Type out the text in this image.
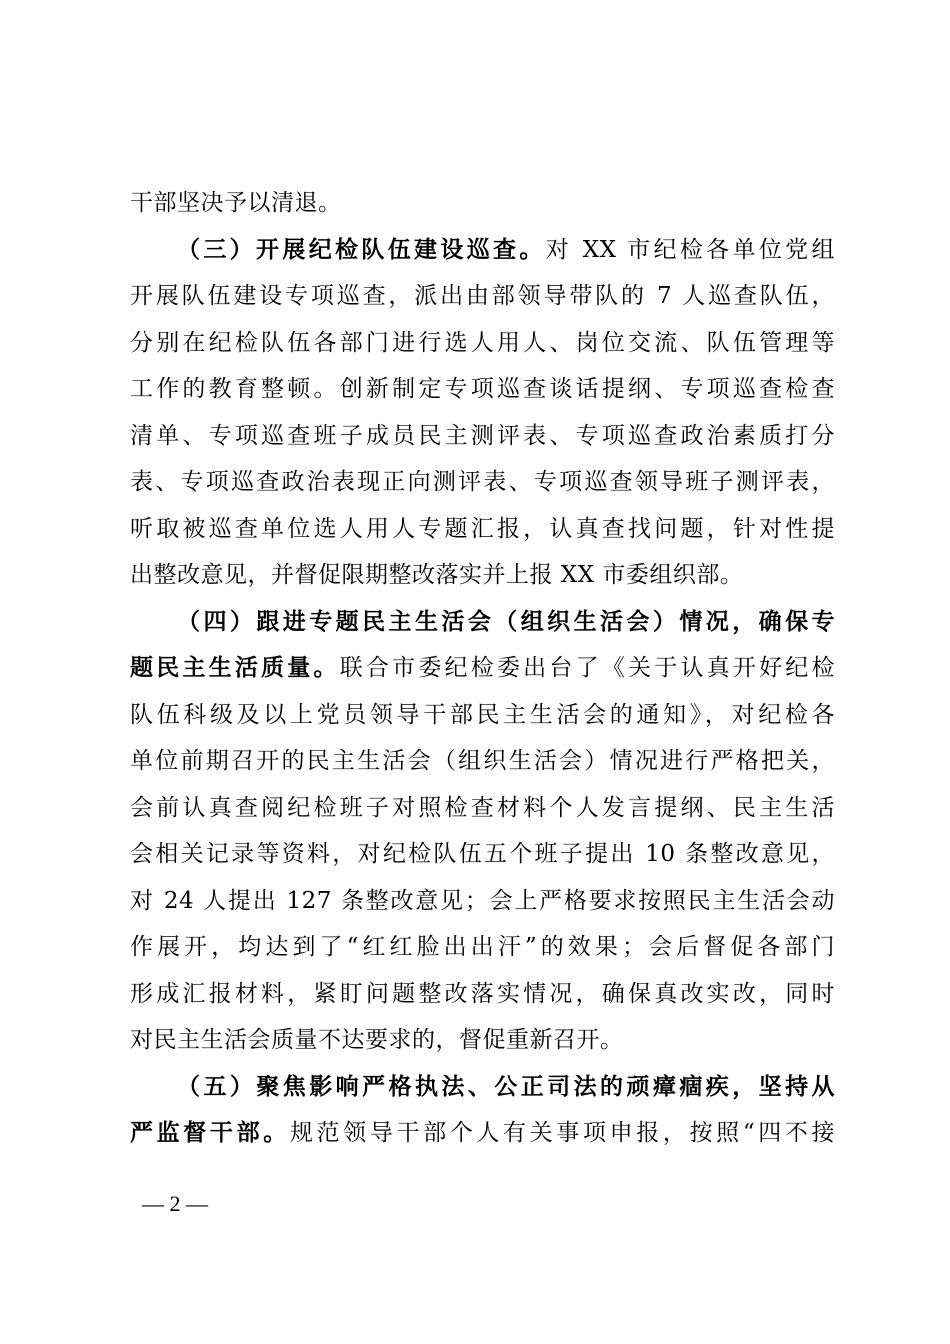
干部坚决予以清退。
（三）开展纪检队伍建设巡查。对 XX 市纪检各单位党组
开展队伍建设专项巡查，派出由部领导带队的 7 人巡查队伍，
分别在纪检队伍各部门进行选人用人、岗位交流、队伍管理等
工作的教育整顿。创新制定专项巡查谈话提纲、专项巡查检查
清单、专项巡查班子成员民主测评表、专项巡查政治素质打分
表、专项巡查政治表现正向测评表、专项巡查领导班子测评表，
听取被巡查单位选人用人专题汇报，认真查找问题，针对性提
出整改意见，并督促限期整改落实并上报 XX 市委组织部。
（四）跟进专题民主生活会（组织生活会）情况，确保专
题民主生活质量。联合市委纪检委出台了《关于认真开好纪检
队伍科级及以上党员领导干部民主生活会的通知》，对纪检各
单位前期召开的民主生活会（组织生活会）情况进行严格把关，
会前认真查阅纪检班子对照检查材料个人发言提纲、民主生活
会相关记录等资料，对纪检队伍五个班子提出 10 条整改意见，
对 24 人提出 127 条整改意见；会上严格要求按照民主生活会动
作展开，均达到了“红红脸出出汗”的效果；会后督促各部门
形成汇报材料，紧盯问题整改落实情况，确保真改实改，同时
对民主生活会质量不达要求的，督促重新召开。
（五）聚焦影响严格执法、公正司法的顽瘴痼疾，坚持从
严监督干部。规范领导干部个人有关事项申报，按照“四不接
— 2 —
